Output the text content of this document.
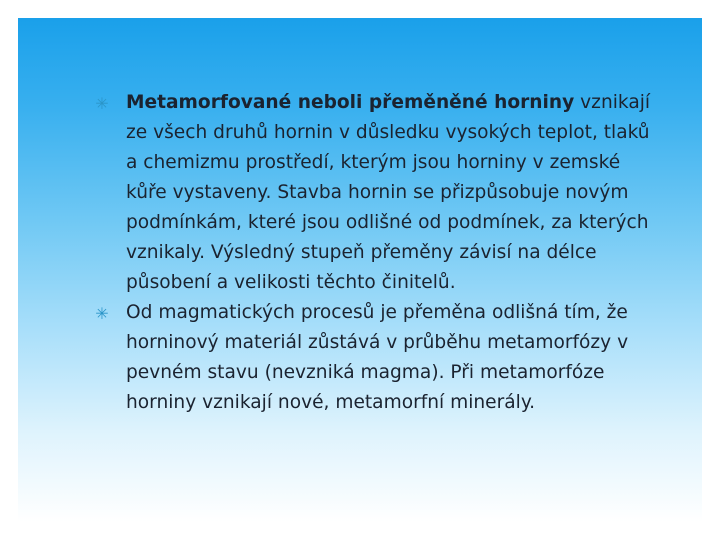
✳ Metamorfované neboli přeměněné horniny vznikají ze všech druhů hornin v důsledku vysokých teplot, tlaků a chemizmu prostředí, kterým jsou horniny v zemské kůře vystaveny. Stavba hornin se přizpůsobuje novým podmínkám, které jsou odlišné od podmínek, za kterých vznikaly. Výsledný stupeň přeměny závisí na délce působení a velikosti těchto činitelů.
✳ Od magmatických procesů je přeměna odlišná tím, že horninový materiál zůstává v průběhu metamorfózy v pevném stavu (nevzniká magma). Při metamorfóze horniny vznikají nové, metamorfní minerály.
